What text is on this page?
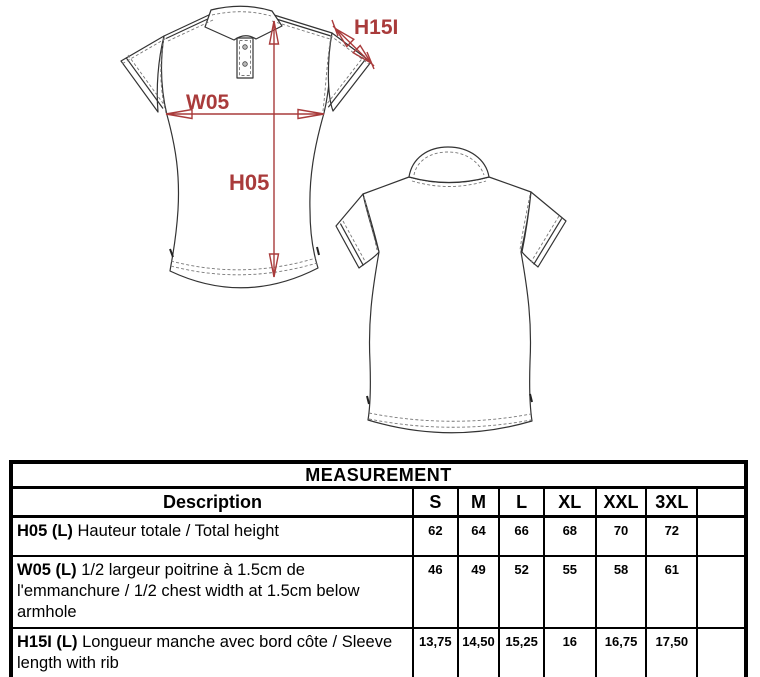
H05
W05
H15I
MEASUREMENT							
Description	S	M	L	XL	XXL	3XL	
H05 (L) Hauteur totale / Total height	62	64	66	68	70	72	
W05 (L) 1/2 largeur poitrine à 1.5cm de l'emmanchure / 1/2 chest width at 1.5cm below armhole	46	49	52	55	58	61	
H15I (L) Longueur manche avec bord côte / Sleeve length with rib	13,75	14,50	15,25	16	16,75	17,50	
